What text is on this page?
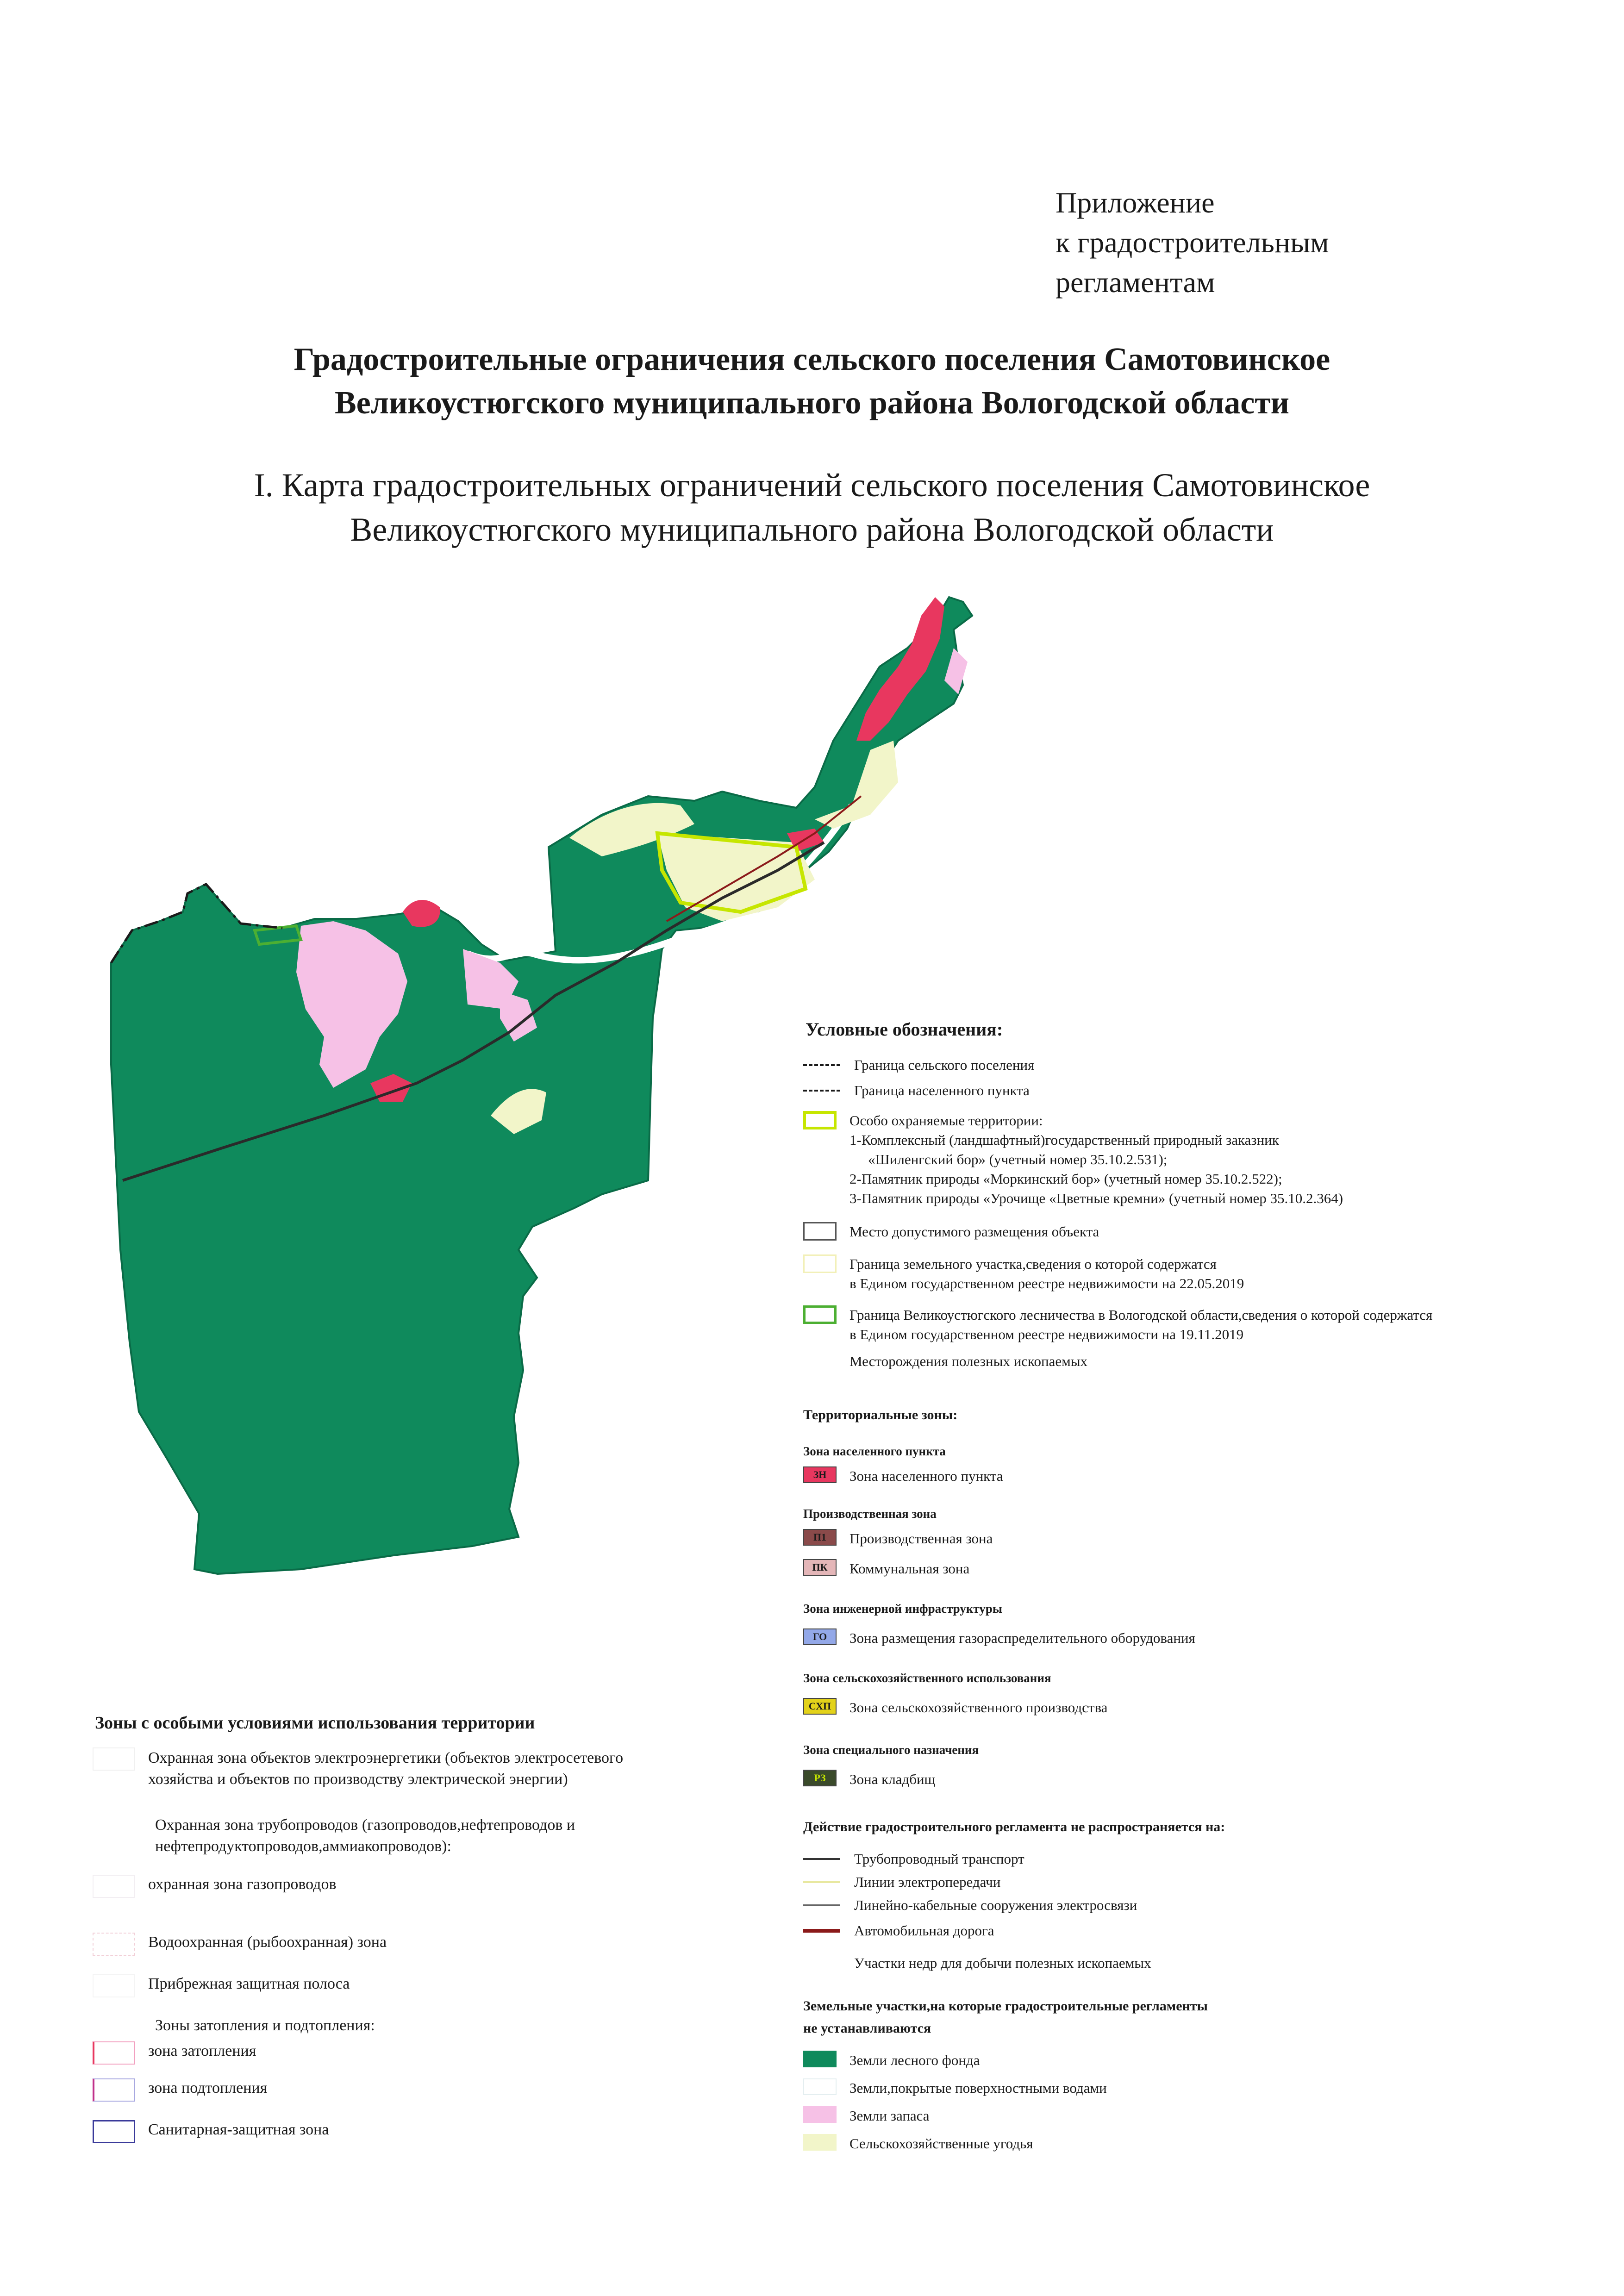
Приложение
к градостроительным
регламентам
Градостроительные ограничения сельского поселения Самотовинское
Великоустюгского муниципального района Вологодской области
I. Карта градостроительных ограничений сельского поселения Самотовинское
Великоустюгского муниципального района Вологодской области
Условные обозначения:
Граница сельского поселения
Граница населенного пункта
Особо охраняемые территории:
1-Комплексный (ландшафтный)государственный природный заказник
«Шиленгский бор» (учетный номер 35.10.2.531);
2-Памятник природы «Моркинский бор» (учетный номер 35.10.2.522);
3-Памятник природы «Урочище «Цветные кремни» (учетный номер 35.10.2.364)
Место допустимого размещения объекта
Граница земельного участка,сведения о которой содержатся
в Едином государственном реестре недвижимости на 22.05.2019
Граница Великоустюгского лесничества в Вологодской области,сведения о которой содержатся
в Едином государственном реестре недвижимости на 19.11.2019
Месторождения полезных ископаемых
Территориальные зоны:
Зона населенного пункта
ЗН	Зона населенного пункта
Производственная зона
П1	Производственная зона
ПК	Коммунальная зона
Зона инженерной инфраструктуры
ГО	Зона размещения газораспределительного оборудования
Зона сельскохозяйственного использования
СХП	Зона сельскохозяйственного производства
Зона специального назначения
РЗ	Зона кладбищ
Действие градостроительного регламента не распространяется на:
Трубопроводный транспорт
Линии электропередачи
Линейно-кабельные сооружения электросвязи
Автомобильная дорога
Участки недр для добычи полезных ископаемых
Земельные участки,на которые градостроительные регламенты
не устанавливаются
Земли лесного фонда
Земли,покрытые поверхностными водами
Земли запаса
Сельскохозяйственные угодья
Зоны с особыми условиями использования территории
Охранная зона объектов электроэнергетики (объектов электросетевого
хозяйства и объектов по производству электрической энергии)
Охранная зона трубопроводов (газопроводов,нефтепроводов и
нефтепродуктопроводов,аммиакопроводов):
охранная зона газопроводов
Водоохранная (рыбоохранная) зона
Прибрежная защитная полоса
Зоны затопления и подтопления:
зона затопления
зона подтопления
Санитарная-защитная зона
